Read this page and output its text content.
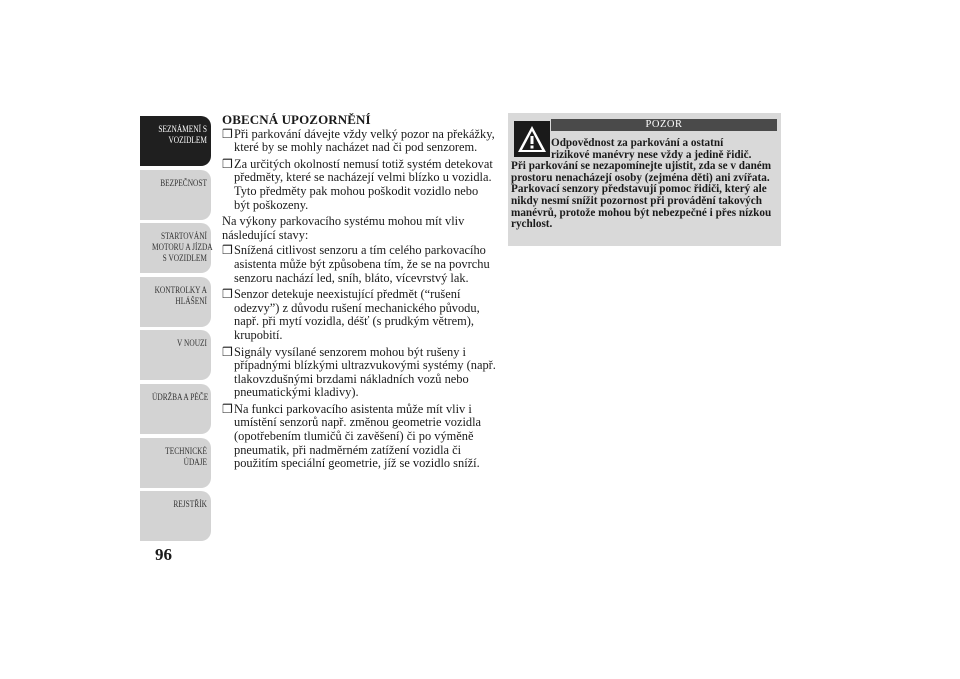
SEZNÁMENÍ S
VOZIDLEM
BEZPEČNOST
STARTOVÁNÍ
MOTORU A JÍZDA
S VOZIDLEM
KONTROLKY A
HLÁŠENÍ
V NOUZI
ÚDRŽBA A PÉČE
TECHNICKÉ
ÚDAJE
REJSTŘÍK
96
OBECNÁ UPOZORNĚNÍ
❒ Při parkování dávejte vždy velký pozor na překážky, které by se mohly nacházet nad či pod senzorem.
❒ Za určitých okolností nemusí totiž systém detekovat předměty, které se nacházejí velmi blízko u vozidla. Tyto předměty pak mohou poškodit vozidlo nebo být poškozeny.
Na výkony parkovacího systému mohou mít vliv následující stavy:
❒ Snížená citlivost senzoru a tím celého parkovacího asistenta může být způsobena tím, že se na povrchu senzoru nachází led, sníh, bláto, vícevrstvý lak.
❒ Senzor detekuje neexistující předmět (“rušení odezvy”) z důvodu rušení mechanického původu, např. při mytí vozidla, déšť (s prudkým větrem), krupobití.
❒ Signály vysílané senzorem mohou být rušeny i případnými blízkými ultrazvukovými systémy (např. tlakovzdušnými brzdami nákladních vozů nebo pneumatickými kladivy).
❒ Na funkci parkovacího asistenta může mít vliv i umístění senzorů např. změnou geometrie vozidla (opotřebením tlumičů či zavěšení) či po výměně pneumatik, při nadměrném zatížení vozidla či použitím speciální geometrie, jíž se vozidlo sníží.
POZOR
Odpovědnost za parkování a ostatní
rizikové manévry nese vždy a jedině řidič.
Při parkování se nezapomínejte ujistit, zda se v daném prostoru nenacházejí osoby (zejména děti) ani zvířata. Parkovací senzory představují pomoc řidiči, který ale nikdy nesmí snížit pozornost při provádění takových manévrů, protože mohou být nebezpečné i přes nízkou rychlost.
